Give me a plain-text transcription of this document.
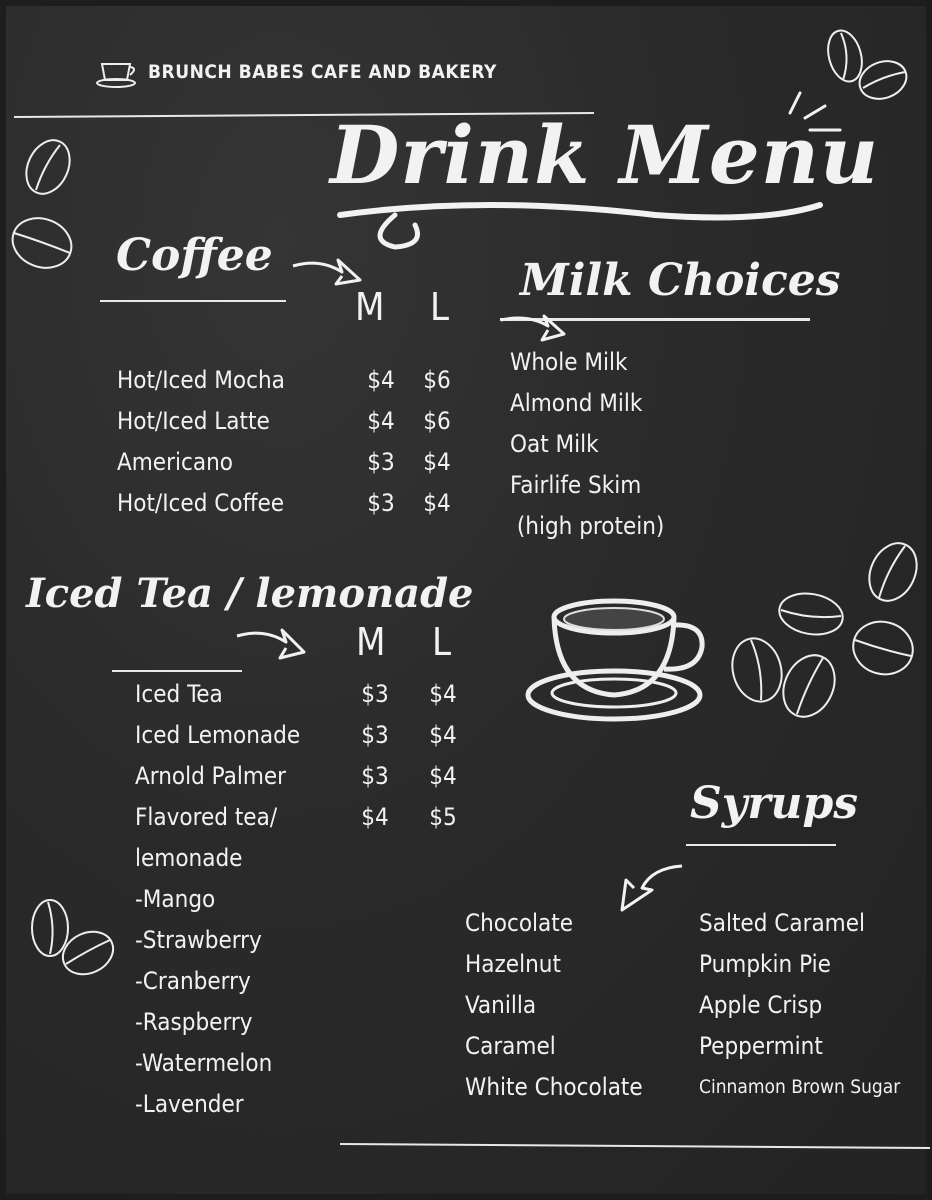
BRUNCH BABES CAFE AND BAKERY
Drink Menu
Coffee
M L
Hot/Iced Mocha
Hot/Iced Latte
Americano
Hot/Iced Coffee
$4
$4
$3
$3
$6
$6
$4
$4
Milk Choices
Whole Milk
Almond Milk
Oat Milk
Fairlife Skim
(high protein)
Iced Tea / lemonade
M L
Iced Tea
Iced Lemonade
Arnold Palmer
Flavored tea/
lemonade
-Mango
-Strawberry
-Cranberry
-Raspberry
-Watermelon
-Lavender
$3
$3
$3
$4
$4
$4
$4
$5	Syrups
Chocolate
Hazelnut
Vanilla
Caramel
White Chocolate
Salted Caramel
Pumpkin Pie
Apple Crisp
Peppermint
Cinnamon Brown Sugar
